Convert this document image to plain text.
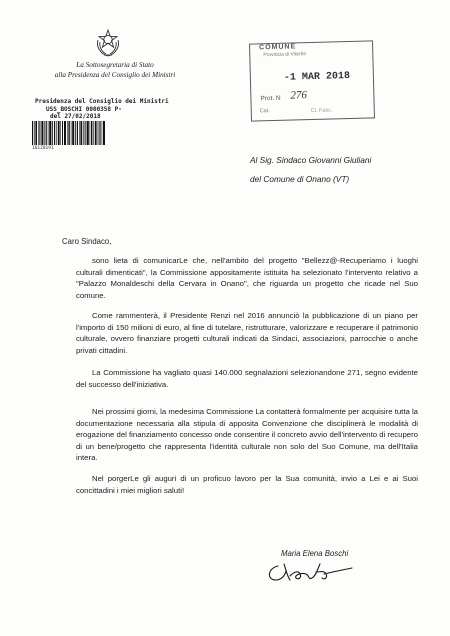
La Sottosegretaria di Stato
alla Presidenza del Consiglio dei Ministri
Presidenza del Consiglio dei Ministri
USS_BOSCHI 0000358 P-
del 27/02/2018
16128191
COMUNE
Provincia di Viterbo
-1 MAR 2018
Prot. N 276
Cat.	Cl. Fasc.
Al Sig. Sindaco Giovanni Giuliani
del Comune di Onano (VT)
Caro Sindaco,
sono lieta di comunicarLe che, nell'ambito del progetto "Bellezz@-Recuperiamo i luoghi culturali dimenticati", la Commissione appositamente istituita ha selezionato l'intervento relativo a "Palazzo Monaldeschi della Cervara in Onano", che riguarda un progetto che ricade nel Suo comune.
Come rammenterà, il Presidente Renzi nel 2016 annunciò la pubblicazione di un piano per l'importo di 150 milioni di euro, al fine di tutelare, ristrutturare, valorizzare e recuperare il patrimonio culturale, ovvero finanziare progetti culturali indicati da Sindaci, associazioni, parrocchie o anche privati cittadini.
La Commissione ha vagliato quasi 140.000 segnalazioni selezionandone 271, segno evidente del successo dell'iniziativa.
Nei prossimi giorni, la medesima Commissione La contatterà formalmente per acquisire tutta la documentazione necessaria alla stipula di apposita Convenzione che disciplinerà le modalità di erogazione del finanziamento concesso onde consentire il concreto avvio dell'intervento di recupero di un bene/progetto che rappresenta l'identità culturale non solo del Suo Comune, ma dell'Italia intera.
Nel porgerLe gli auguri di un proficuo lavoro per la Sua comunità, invio a Lei e ai Suoi concittadini i miei migliori saluti!
Maria Elena Boschi
